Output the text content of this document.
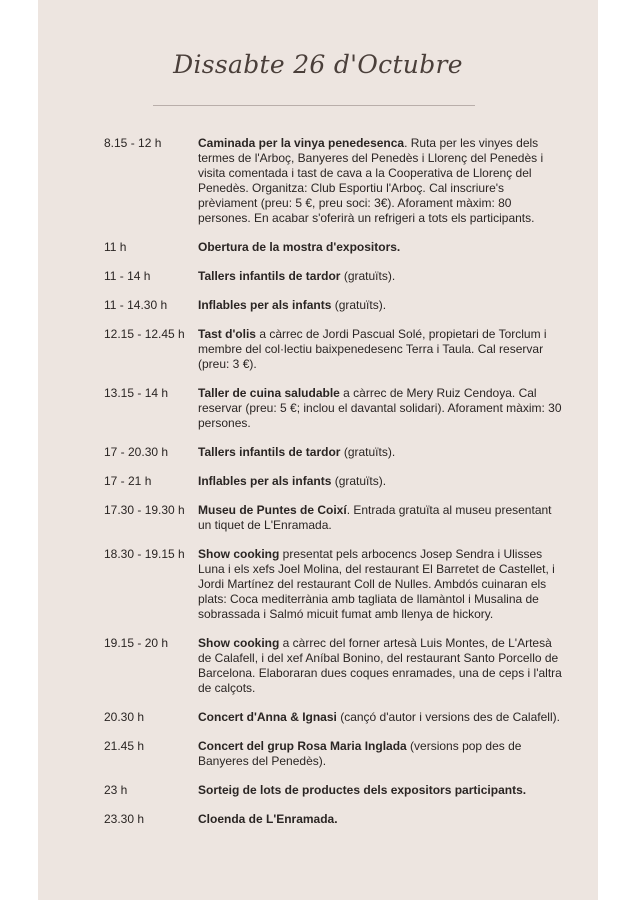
Dissabte 26 d'Octubre
8.15 - 12 h	Caminada per la vinya penedesenca. Ruta per les vinyes dels termes de l'Arboç, Banyeres del Penedès i Llorenç del Penedès i visita comentada i tast de cava a la Cooperativa de Llorenç del Penedès. Organitza: Club Esportiu l'Arboç. Cal inscriure's prèviament (preu: 5 €, preu soci: 3€). Aforament màxim: 80 persones. En acabar s'oferirà un refrigeri a tots els participants.
11 h	Obertura de la mostra d'expositors.
11 - 14 h	Tallers infantils de tardor (gratuïts).
11 - 14.30 h	Inflables per als infants (gratuïts).
12.15 - 12.45 h	Tast d'olis a càrrec de Jordi Pascual Solé, propietari de Torclum i membre del col·lectiu baixpenedesenc Terra i Taula. Cal reservar (preu: 3 €).
13.15 - 14 h	Taller de cuina saludable a càrrec de Mery Ruiz Cendoya. Cal reservar (preu: 5 €; inclou el davantal solidari). Aforament màxim: 30 persones.
17 - 20.30 h	Tallers infantils de tardor (gratuïts).
17 - 21 h	Inflables per als infants (gratuïts).
17.30 - 19.30 h	Museu de Puntes de Coixí. Entrada gratuïta al museu presentant un tiquet de L'Enramada.
18.30 - 19.15 h	Show cooking presentat pels arbocencs Josep Sendra i Ulisses Luna i els xefs Joel Molina, del restaurant El Barretet de Castellet, i Jordi Martínez del restaurant Coll de Nulles. Ambdós cuinaran els plats: Coca mediterrània amb tagliata de llamàntol i Musalina de sobrassada i Salmó micuit fumat amb llenya de hickory.
19.15 - 20 h	Show cooking a càrrec del forner artesà Luis Montes, de L'Artesà de Calafell, i del xef Aníbal Bonino, del restaurant Santo Porcello de Barcelona. Elaboraran dues coques enramades, una de ceps i l'altra de calçots.
20.30 h	Concert d'Anna & Ignasi (cançó d'autor i versions des de Calafell).
21.45 h	Concert del grup Rosa Maria Inglada (versions pop des de Banyeres del Penedès).
23 h	Sorteig de lots de productes dels expositors participants.
23.30 h	Cloenda de L'Enramada.
